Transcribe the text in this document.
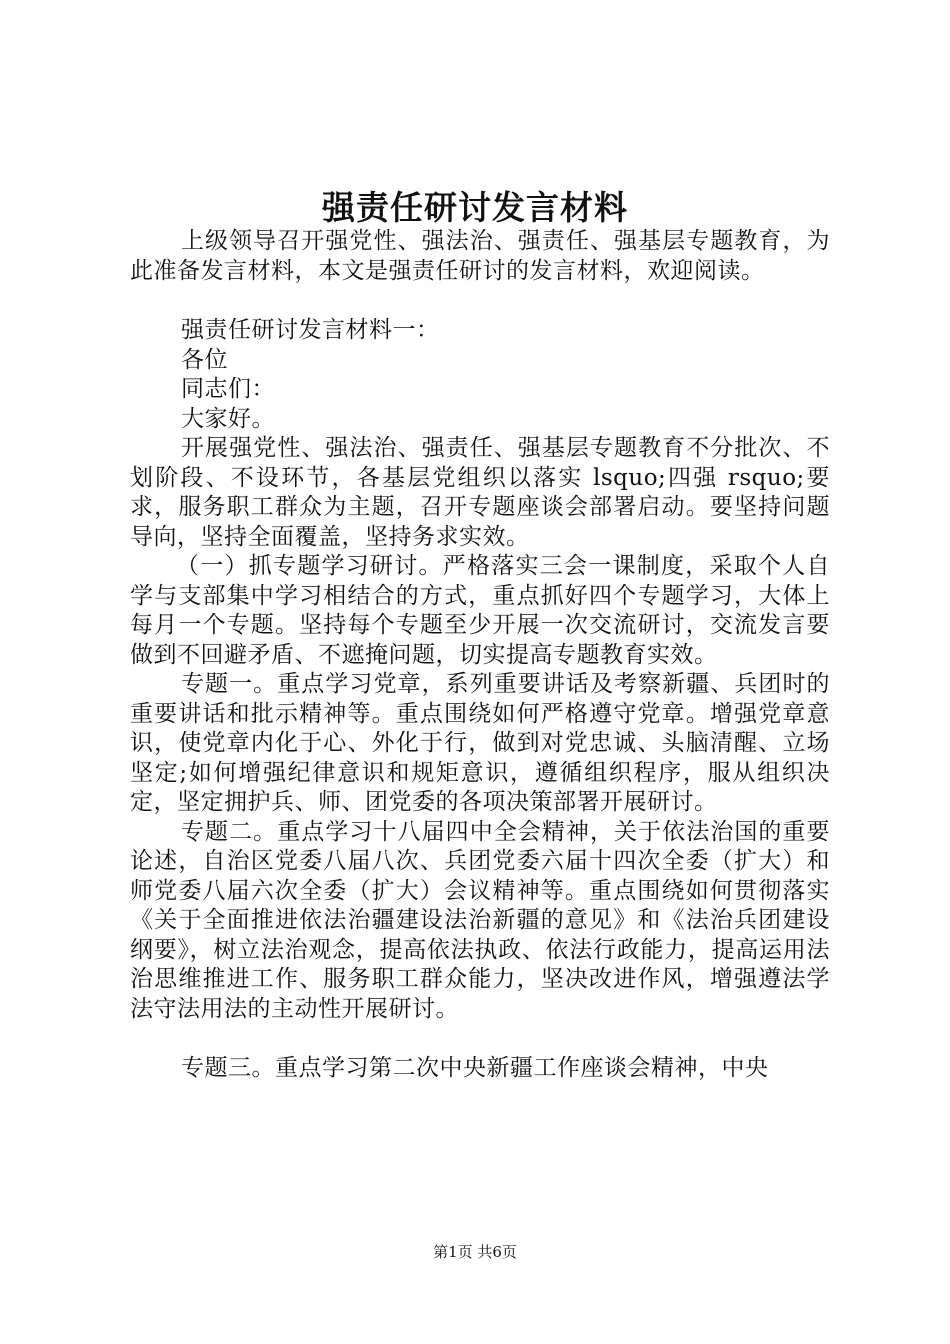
强责任研讨发言材料

上级领导召开强党性、强法治、强责任、强基层专题教育，为此准备发言材料，本文是强责任研讨的发言材料，欢迎阅读。

强责任研讨发言材料一：

各位

同志们：

大家好。

开展强党性、强法治、强责任、强基层专题教育不分批次、不划阶段、不设环节，各基层党组织以落实 lsquo;四强 rsquo;要求，服务职工群众为主题，召开专题座谈会部署启动。要坚持问题导向，坚持全面覆盖，坚持务求实效。

（一）抓专题学习研讨。严格落实三会一课制度，采取个人自学与支部集中学习相结合的方式，重点抓好四个专题学习，大体上每月一个专题。坚持每个专题至少开展一次交流研讨，交流发言要做到不回避矛盾、不遮掩问题，切实提高专题教育实效。

专题一。重点学习党章，系列重要讲话及考察新疆、兵团时的重要讲话和批示精神等。重点围绕如何严格遵守党章。增强党章意识，使党章内化于心、外化于行，做到对党忠诚、头脑清醒、立场坚定;如何增强纪律意识和规矩意识，遵循组织程序，服从组织决定，坚定拥护兵、师、团党委的各项决策部署开展研讨。

专题二。重点学习十八届四中全会精神，关于依法治国的重要论述，自治区党委八届八次、兵团党委六届十四次全委（扩大）和师党委八届六次全委（扩大）会议精神等。重点围绕如何贯彻落实《关于全面推进依法治疆建设法治新疆的意见》和《法治兵团建设纲要》，树立法治观念，提高依法执政、依法行政能力，提高运用法治思维推进工作、服务职工群众能力，坚决改进作风，增强遵法学法守法用法的主动性开展研讨。

专题三。重点学习第二次中央新疆工作座谈会精神，中央

第1页 共6页
